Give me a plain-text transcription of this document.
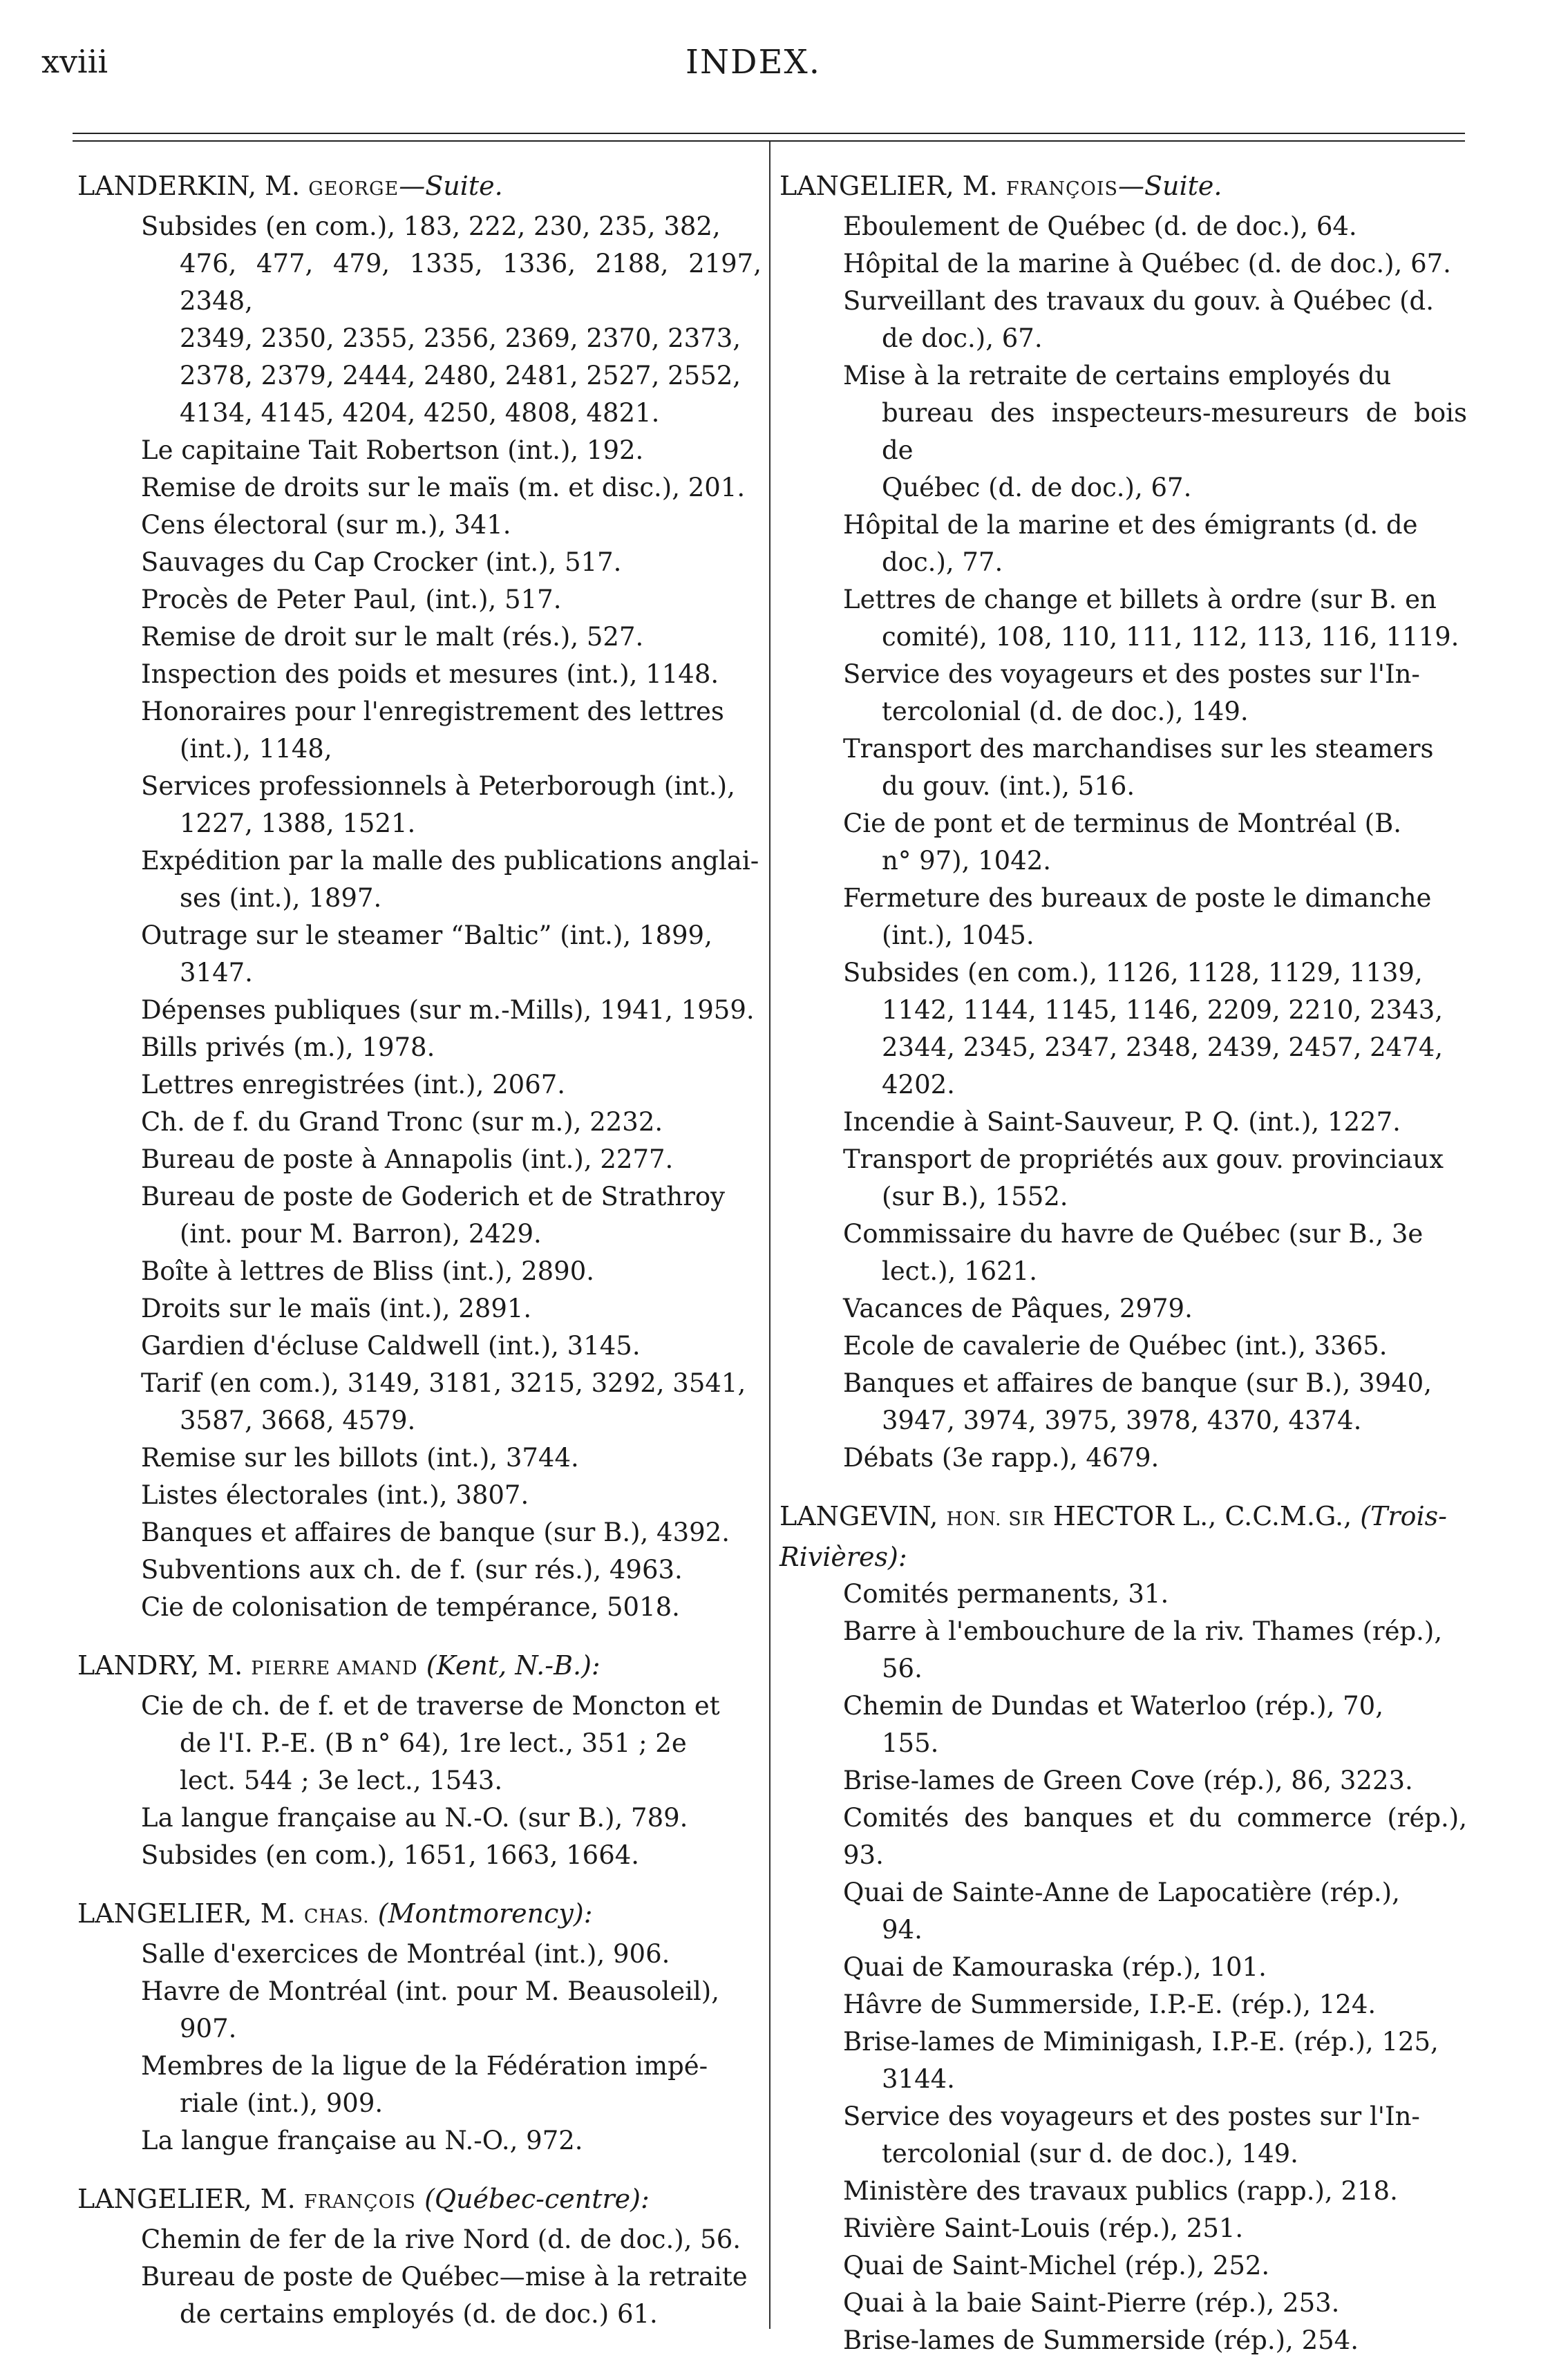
xviii	INDEX.
LANDERKIN, M. GEORGE—Suite.
Subsides (en com.), 183, 222, 230, 235, 382,
476, 477, 479, 1335, 1336, 2188, 2197, 2348,
2349, 2350, 2355, 2356, 2369, 2370, 2373,
2378, 2379, 2444, 2480, 2481, 2527, 2552,
4134, 4145, 4204, 4250, 4808, 4821.
Le capitaine Tait Robertson (int.), 192.
Remise de droits sur le maïs (m. et disc.), 201.
Cens électoral (sur m.), 341.
Sauvages du Cap Crocker (int.), 517.
Procès de Peter Paul, (int.), 517.
Remise de droit sur le malt (rés.), 527.
Inspection des poids et mesures (int.), 1148.
Honoraires pour l'enregistrement des lettres
(int.), 1148,
Services professionnels à Peterborough (int.),
1227, 1388, 1521.
Expédition par la malle des publications anglai-
ses (int.), 1897.
Outrage sur le steamer “Baltic” (int.), 1899,
3147.
Dépenses publiques (sur m.-Mills), 1941, 1959.
Bills privés (m.), 1978.
Lettres enregistrées (int.), 2067.
Ch. de f. du Grand Tronc (sur m.), 2232.
Bureau de poste à Annapolis (int.), 2277.
Bureau de poste de Goderich et de Strathroy
(int. pour M. Barron), 2429.
Boîte à lettres de Bliss (int.), 2890.
Droits sur le maïs (int.), 2891.
Gardien d'écluse Caldwell (int.), 3145.
Tarif (en com.), 3149, 3181, 3215, 3292, 3541,
3587, 3668, 4579.
Remise sur les billots (int.), 3744.
Listes électorales (int.), 3807.
Banques et affaires de banque (sur B.), 4392.
Subventions aux ch. de f. (sur rés.), 4963.
Cie de colonisation de tempérance, 5018.
LANDRY, M. PIERRE AMAND (Kent, N.-B.):
Cie de ch. de f. et de traverse de Moncton et
de l'I. P.-E. (B n° 64), 1re lect., 351 ; 2e
lect. 544 ; 3e lect., 1543.
La langue française au N.-O. (sur B.), 789.
Subsides (en com.), 1651, 1663, 1664.
LANGELIER, M. CHAS. (Montmorency):
Salle d'exercices de Montréal (int.), 906.
Havre de Montréal (int. pour M. Beausoleil),
907.
Membres de la ligue de la Fédération impé-
riale (int.), 909.
La langue française au N.-O., 972.
LANGELIER, M. FRANÇOIS (Québec-centre):
Chemin de fer de la rive Nord (d. de doc.), 56.
Bureau de poste de Québec—mise à la retraite
de certains employés (d. de doc.) 61.
LANGELIER, M. FRANÇOIS—Suite.
Eboulement de Québec (d. de doc.), 64.
Hôpital de la marine à Québec (d. de doc.), 67.
Surveillant des travaux du gouv. à Québec (d.
de doc.), 67.
Mise à la retraite de certains employés du
bureau des inspecteurs-mesureurs de bois de
Québec (d. de doc.), 67.
Hôpital de la marine et des émigrants (d. de
doc.), 77.
Lettres de change et billets à ordre (sur B. en
comité), 108, 110, 111, 112, 113, 116, 1119.
Service des voyageurs et des postes sur l'In-
tercolonial (d. de doc.), 149.
Transport des marchandises sur les steamers
du gouv. (int.), 516.
Cie de pont et de terminus de Montréal (B.
n° 97), 1042.
Fermeture des bureaux de poste le dimanche
(int.), 1045.
Subsides (en com.), 1126, 1128, 1129, 1139,
1142, 1144, 1145, 1146, 2209, 2210, 2343,
2344, 2345, 2347, 2348, 2439, 2457, 2474,
4202.
Incendie à Saint-Sauveur, P. Q. (int.), 1227.
Transport de propriétés aux gouv. provinciaux
(sur B.), 1552.
Commissaire du havre de Québec (sur B., 3e
lect.), 1621.
Vacances de Pâques, 2979.
Ecole de cavalerie de Québec (int.), 3365.
Banques et affaires de banque (sur B.), 3940,
3947, 3974, 3975, 3978, 4370, 4374.
Débats (3e rapp.), 4679.
LANGEVIN, HON. SIR HECTOR L., C.C.M.G., (Trois-Rivières):
Comités permanents, 31.
Barre à l'embouchure de la riv. Thames (rép.),
56.
Chemin de Dundas et Waterloo (rép.), 70,
155.
Brise-lames de Green Cove (rép.), 86, 3223.
Comités des banques et du commerce (rép.), 93.
Quai de Sainte-Anne de Lapocatière (rép.),
94.
Quai de Kamouraska (rép.), 101.
Hâvre de Summerside, I.P.-E. (rép.), 124.
Brise-lames de Miminigash, I.P.-E. (rép.), 125,
3144.
Service des voyageurs et des postes sur l'In-
tercolonial (sur d. de doc.), 149.
Ministère des travaux publics (rapp.), 218.
Rivière Saint-Louis (rép.), 251.
Quai de Saint-Michel (rép.), 252.
Quai à la baie Saint-Pierre (rép.), 253.
Brise-lames de Summerside (rép.), 254.
